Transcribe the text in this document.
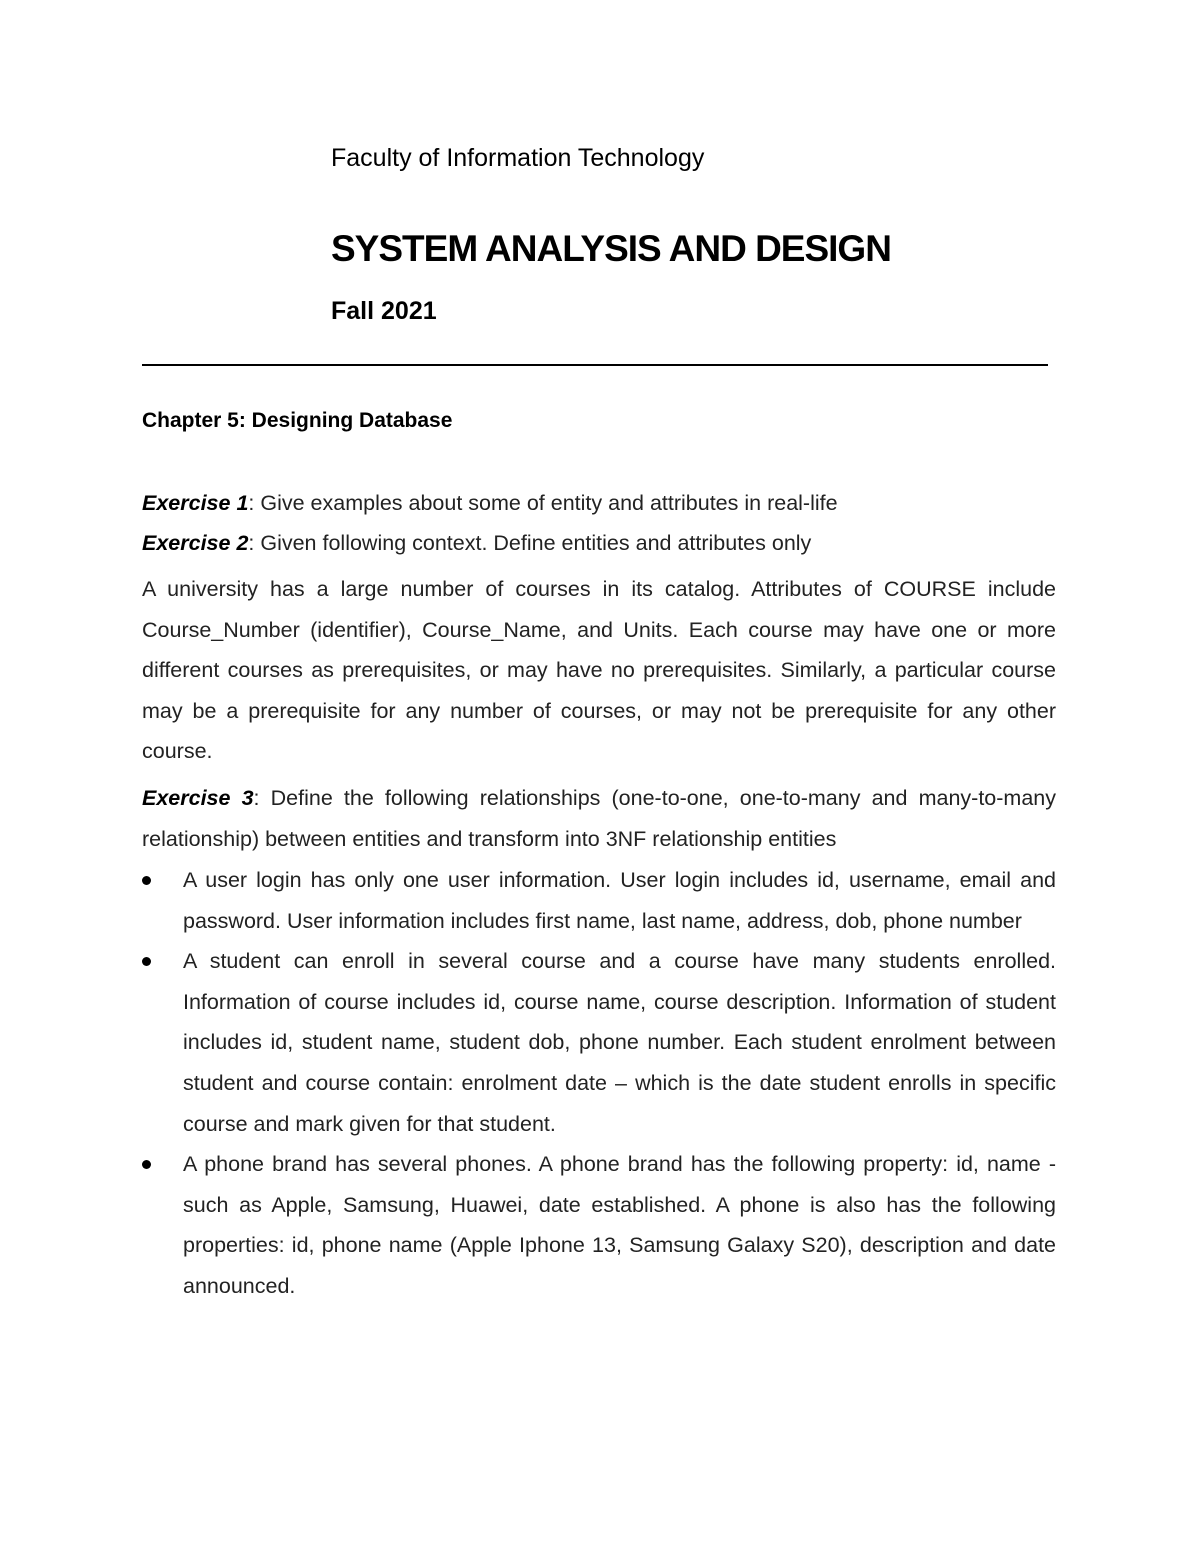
Faculty of Information Technology
SYSTEM ANALYSIS AND DESIGN
Fall 2021
Chapter 5: Designing Database
Exercise 1: Give examples about some of entity and attributes in real-life
Exercise 2: Given following context. Define entities and attributes only
A university has a large number of courses in its catalog. Attributes of COURSE include Course_Number (identifier), Course_Name, and Units. Each course may have one or more different courses as prerequisites, or may have no prerequisites. Similarly, a particular course may be a prerequisite for any number of courses, or may not be prerequisite for any other course.
Exercise 3: Define the following relationships (one-to-one, one-to-many and many-to-many relationship) between entities and transform into 3NF relationship entities
A user login has only one user information. User login includes id, username, email and password. User information includes first name, last name, address, dob, phone number
A student can enroll in several course and a course have many students enrolled. Information of course includes id, course name, course description. Information of student includes id, student name, student dob, phone number. Each student enrolment between student and course contain: enrolment date – which is the date student enrolls in specific course and mark given for that student.
A phone brand has several phones. A phone brand has the following property: id, name - such as Apple, Samsung, Huawei, date established. A phone is also has the following properties: id, phone name (Apple Iphone 13, Samsung Galaxy S20), description and date announced.
